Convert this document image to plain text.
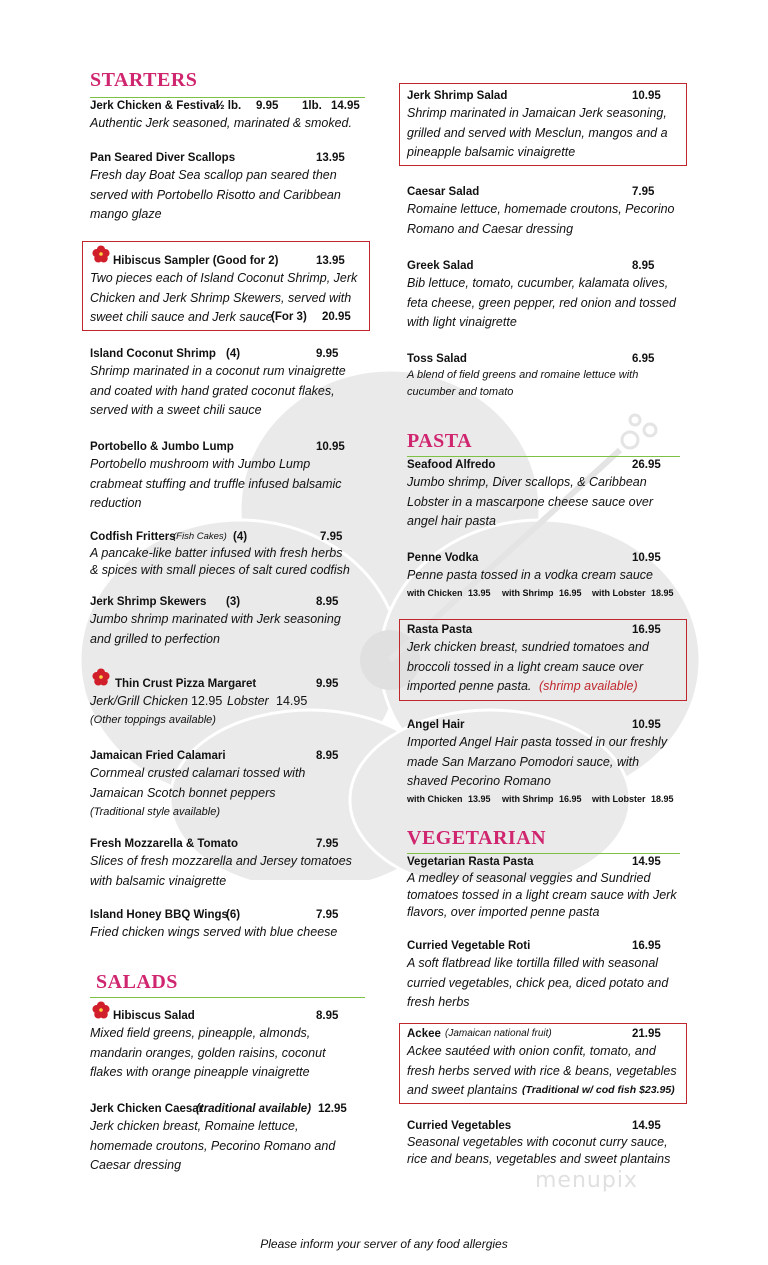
STARTERS
Jerk Chicken & Festival
½ lb. 9.95 1lb. 14.95
Authentic Jerk seasoned, marinated & smoked.
Pan Seared Diver Scallops	13.95
Fresh day Boat Sea scallop pan seared then
served with Portobello Risotto and Caribbean
mango glaze
Hibiscus Sampler (Good for 2)	13.95
Two pieces each of Island Coconut Shrimp, Jerk
Chicken and Jerk Shrimp Skewers, served with
sweet chili sauce and Jerk sauce
(For 3) 20.95
Island Coconut Shrimp (4)	9.95
Shrimp marinated in a coconut rum vinaigrette
and coated with hand grated coconut flakes,
served with a sweet chili sauce
Portobello & Jumbo Lump	10.95
Portobello mushroom with Jumbo Lump
crabmeat stuffing and truffle infused balsamic
reduction
Codfish Fritters
(Fish Cakes) (4)	7.95
A pancake-like batter infused with fresh herbs
& spices with small pieces of salt cured codfish
Jerk Shrimp Skewers (3)	8.95
Jumbo shrimp marinated with Jerk seasoning
and grilled to perfection
Thin Crust Pizza Margaret	9.95
Jerk/Grill Chicken 12.95 Lobster 14.95
(Other toppings available)
Jamaican Fried Calamari	8.95
Cornmeal crusted calamari tossed with
Jamaican Scotch bonnet peppers
(Traditional style available)
Fresh Mozzarella & Tomato	7.95
Slices of fresh mozzarella and Jersey tomatoes
with balsamic vinaigrette
Island Honey BBQ Wings
(6)	7.95
Fried chicken wings served with blue cheese
SALADS
Hibiscus Salad	8.95
Mixed field greens, pineapple, almonds,
mandarin oranges, golden raisins, coconut
flakes with orange pineapple vinaigrette
Jerk Chicken Caesar
(traditional available) 12.95
Jerk chicken breast, Romaine lettuce,
homemade croutons, Pecorino Romano and
Caesar dressing
Jerk Shrimp Salad	10.95
Shrimp marinated in Jamaican Jerk seasoning,
grilled and served with Mesclun, mangos and a
pineapple balsamic vinaigrette
Caesar Salad	7.95
Romaine lettuce, homemade croutons, Pecorino
Romano and Caesar dressing
Greek Salad	8.95
Bib lettuce, tomato, cucumber, kalamata olives,
feta cheese, green pepper, red onion and tossed
with light vinaigrette
Toss Salad	6.95
A blend of field greens and romaine lettuce with
cucumber and tomato
PASTA
Seafood Alfredo	26.95
Jumbo shrimp, Diver scallops, & Caribbean
Lobster in a mascarpone cheese sauce over
angel hair pasta
Penne Vodka	10.95
Penne pasta tossed in a vodka cream sauce
with Chicken 13.95 with Shrimp 16.95 with Lobster 18.95
Rasta Pasta	16.95
Jerk chicken breast, sundried tomatoes and
broccoli tossed in a light cream sauce over
imported penne pasta. (shrimp available)
Angel Hair	10.95
Imported Angel Hair pasta tossed in our freshly
made San Marzano Pomodori sauce, with
shaved Pecorino Romano
with Chicken 13.95 with Shrimp 16.95 with Lobster 18.95
VEGETARIAN
Vegetarian Rasta Pasta	14.95
A medley of seasonal veggies and Sundried
tomatoes tossed in a light cream sauce with Jerk
flavors, over imported penne pasta
Curried Vegetable Roti	16.95
A soft flatbread like tortilla filled with seasonal
curried vegetables, chick pea, diced potato and
fresh herbs
Ackee (Jamaican national fruit)	21.95
Ackee sautéed with onion confit, tomato, and
fresh herbs served with rice & beans, vegetables
and sweet plantains (Traditional w/ cod fish $23.95)
Curried Vegetables	14.95
Seasonal vegetables with coconut curry sauce,
rice and beans, vegetables and sweet plantains
menupix
Please inform your server of any food allergies
